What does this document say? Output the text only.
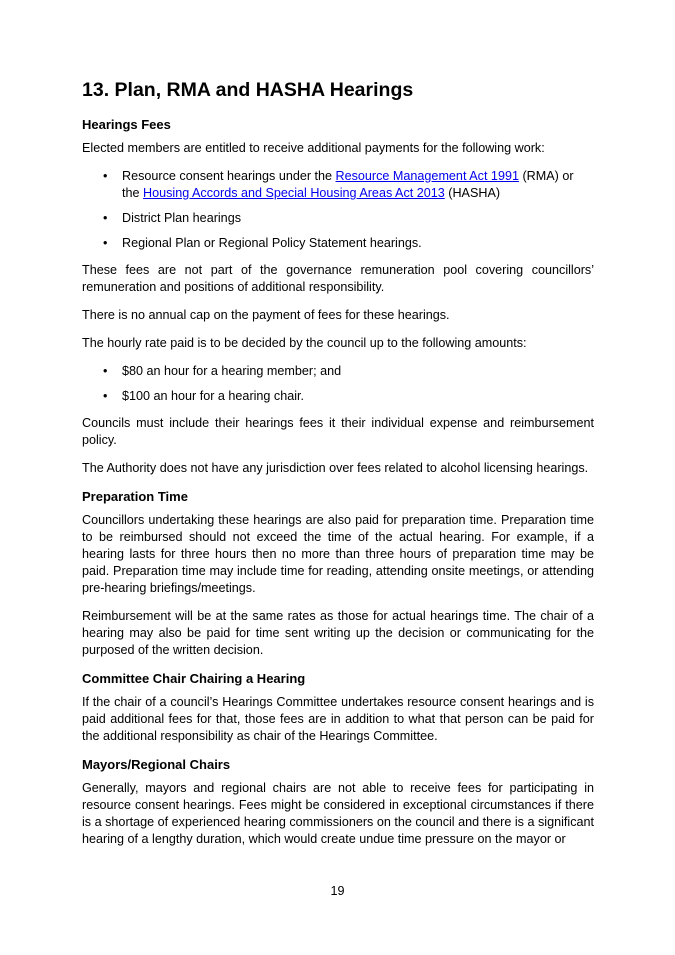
13. Plan, RMA and HASHA Hearings
Hearings Fees

Elected members are entitled to receive additional payments for the following work:

• Resource consent hearings under the Resource Management Act 1991 (RMA) or the Housing Accords and Special Housing Areas Act 2013 (HASHA)
• District Plan hearings
• Regional Plan or Regional Policy Statement hearings.

These fees are not part of the governance remuneration pool covering councillors’ remuneration and positions of additional responsibility.

There is no annual cap on the payment of fees for these hearings.

The hourly rate paid is to be decided by the council up to the following amounts:

• $80 an hour for a hearing member; and
• $100 an hour for a hearing chair.

Councils must include their hearings fees it their individual expense and reimbursement policy.

The Authority does not have any jurisdiction over fees related to alcohol licensing hearings.

Preparation Time

Councillors undertaking these hearings are also paid for preparation time. Preparation time to be reimbursed should not exceed the time of the actual hearing. For example, if a hearing lasts for three hours then no more than three hours of preparation time may be paid. Preparation time may include time for reading, attending onsite meetings, or attending pre-hearing briefings/meetings.

Reimbursement will be at the same rates as those for actual hearings time. The chair of a hearing may also be paid for time sent writing up the decision or communicating for the purposed of the written decision.

Committee Chair Chairing a Hearing

If the chair of a council’s Hearings Committee undertakes resource consent hearings and is paid additional fees for that, those fees are in addition to what that person can be paid for the additional responsibility as chair of the Hearings Committee.

Mayors/Regional Chairs

Generally, mayors and regional chairs are not able to receive fees for participating in resource consent hearings. Fees might be considered in exceptional circumstances if there is a shortage of experienced hearing commissioners on the council and there is a significant hearing of a lengthy duration, which would create undue time pressure on the mayor or

19
